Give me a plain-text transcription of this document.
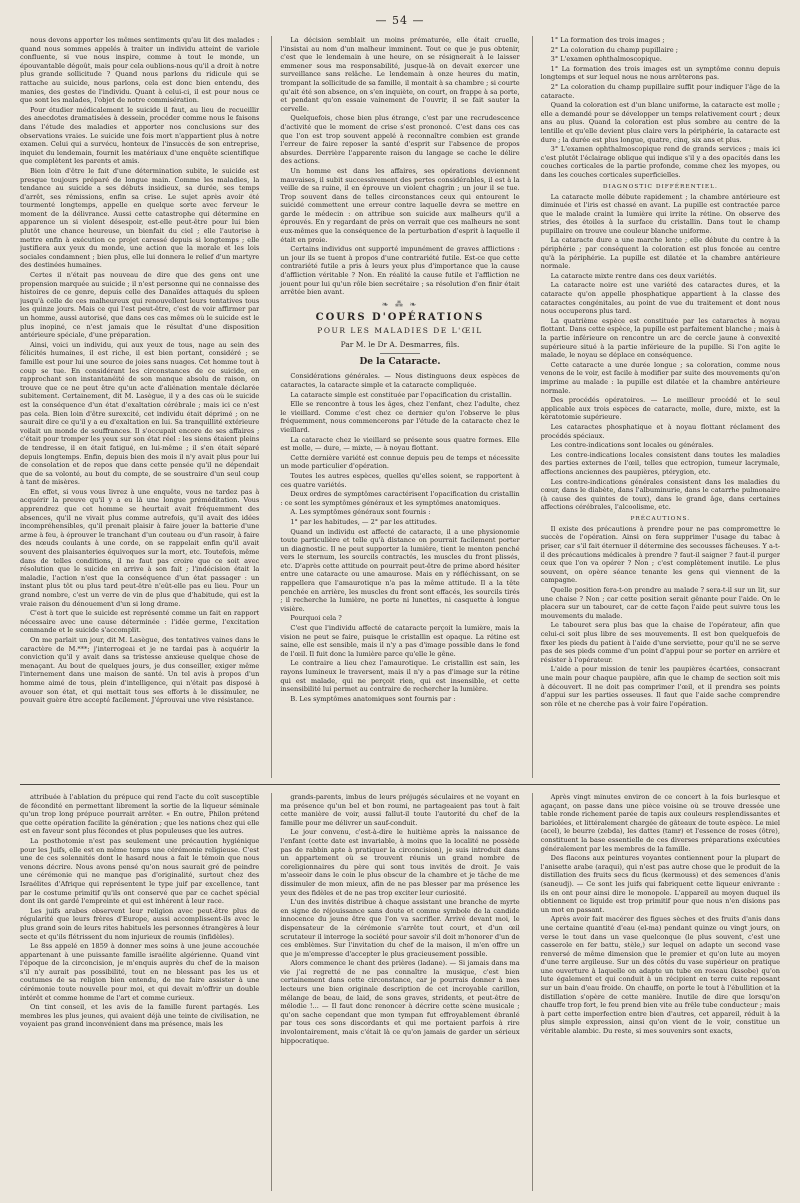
— 54 —

nous devons apporter les mêmes sentiments qu'au lit des malades : quand nous sommes appelés à traiter un individu atteint de variole confluente, si vue nous inspire, comme à tout le monde, un épouvantable dégoût, mais pour cela oublions-nous qu'il a droit à notre plus grande sollicitude ? Quand nous parlons du ridicule qui se rattache au suicide, nous parlons, cela est donc bien entendu, des manies, des gestes de l'individu. Quant à celui-ci, il est pour nous ce que sont les malades, l'objet de notre commisération.

Pour étudier médicalement le suicide il faut, au lieu de recueillir des anecdotes dramatisées à dessein, procéder comme nous le faisons dans l'étude des maladies et apporter nos conclusions sur des observations vraies. Le suicide une fois mort n'appartient plus à notre examen. Celui qui a survécu, honteux de l'insuccès de son entreprise, inquiet du lendemain, fournit les matériaux d'une enquête scientifique que complètent les parents et amis.

Bien loin d'être le fait d'une détermination subite, le suicide est presque toujours préparé de longue main. Comme les maladies, la tendance au suicide a ses débuts insidieux, sa durée, ses temps d'arrêt, ses rémissions, enfin sa crise. Le sujet après avoir été tourmenté longtemps, appelle en quelque sorte avec ferveur le moment de la délivrance. Aussi cette catastrophe qui détermine en apparence un si violent désespoir, est-elle peut-être pour lui bien plutôt une chance heureuse, un bienfait du ciel ; elle l'autorise à mettre enfin à exécution ce projet caressé depuis si longtemps ; elle justifiera aux yeux du monde, une action que la morale et les lois sociales condamnent ; bien plus, elle lui donnera le relief d'un martyre des destinées humaines.

Certes il n'était pas nouveau de dire que des gens ont une propension marquée au suicide ; il n'est personne qui ne connaisse des histoires de ce genre, depuis celle des Danaïdes attaqués du spleen jusqu'à celle de ces malheureux qui renouvellent leurs tentatives tous les quinze jours. Mais ce qui l'est peut-être, c'est de voir affirmer par un homme, aussi autorisé, que dans ces cas mêmes où le suicide est le plus inopiné, ce n'est jamais que le résultat d'une disposition antérieure spéciale, d'une préparation.

Ainsi, voici un individu, qui aux yeux de tous, nage au sein des félicités humaines, il est riche, il est bien portant, considéré ; se famille est pour lui une source de joies sans nuages. Cet homme tout à coup se tue. En considérant les circonstances de ce suicide, en rapprochant son instantanéité de son manque absolu de raison, on trouve que ce ne peut être qu'un acte d'aliénation mentale déclarée subitement. Certainement, dit M. Lasègue, il y a des cas où le suicide est la conséquence d'un état d'exaltation cérébrale ; mais ici ce n'est pas cela. Bien loin d'être surexcité, cet individu était déprimé ; on ne saurait dire ce qu'il y a eu d'exaltation en lui. Sa tranquillité extérieure voilait un monde de souffrances. Il s'occupait encore de ses affaires ; c'était pour tromper les yeux sur son état réel : les siens étaient pleins de tendresse, il en était fatigué, en lui-même ; il s'en était séparé depuis longtemps. Enfin, depuis bien des mois il n'y avait plus pour lui de consolation et de repos que dans cette pensée qu'il ne dépendait que de sa volonté, au bout du compte, de se soustraire d'un seul coup à tant de misères.

En effet, si vous vous livrez à une enquête, vous ne tardez pas à acquérir la preuve qu'il y a eu là une longue préméditation. Vous apprendrez que cet homme se heurtait avait fréquemment des absences, qu'il ne vivait plus comme autrefois, qu'il avait des idées incompréhensibles, qu'il prenait plaisir à faire jouer la batterie d'une arme à feu, à éprouver le tranchant d'un couteau ou d'un rasoir, à faire des nœuds coulants à une corde, on se rappelait enfin qu'il avait souvent des plaisanteries équivoques sur la mort, etc. Toutefois, même dans de telles conditions, il ne faut pas croire que ce soit avec résolution que le suicide en arrive à son fait ; l'indécision était la maladie, l'action n'est que la conséquence d'un état passager : un instant plus tôt ou plus tard peut-être n'eût-elle pas eu lieu. Pour un grand nombre, c'est un verre de vin de plus que d'habitude, qui est la vraie raison du dénouement d'un si long drame.

C'est à tort que le suicide est représenté comme un fait en rapport nécessaire avec une cause déterminée : l'idée germe, l'excitation commande et le suicide s'accomplit.

On me parlait un jour, dit M. Lasègue, des tentatives vaines dans le caractère de M.***; j'interrogeai et je ne tardai pas à acquérir la conviction qu'il y avait dans sa tristesse anxieuse quelque chose de menaçant. Au bout de quelques jours, je dus conseiller, exiger même l'internement dans une maison de santé. Un tel avis à propos d'un homme aimé de tous, plein d'intelligence, qui n'était pas disposé à avouer son état, et qui mettait tous ses efforts à le dissimuler, ne pouvait guère être accepté facilement. J'éprouvai une vive résistance.

La décision semblait un moins prématurée, elle était cruelle, l'insistai au nom d'un malheur imminent. Tout ce que je pus obtenir, c'est que le lendemain à une heure, on se résignerait à le laisser emmener sous ma responsabilité, jusque-là on devait exercer une surveillance sans relâche. Le lendemain à onze heures du matin, trompant la sollicitude de sa famille, il montait à sa chambre ; si courte qu'ait été son absence, on s'en inquiète, on court, on frappe à sa porte, et pendant qu'on essaie vainement de l'ouvrir, il se fait sauter la cervelle.

Quelquefois, chose bien plus étrange, c'est par une recrudescence d'activité que le moment de crise s'est prononcé. C'est dans ces cas que l'on est trop souvent appelé à reconnaître combien est grande l'erreur de faire reposer la santé d'esprit sur l'absence de propos absurdes. Derrière l'apparente raison du langage se cache le délire des actions.

Un homme est dans les affaires, ses opérations deviennent mauvaises, il subit successivement des pertes considérables, il est à la veille de sa ruine, il en éprouve un violent chagrin ; un jour il se tue. Trop souvent dans de telles circonstances ceux qui entourent le suicidé commettent une erreur contre laquelle devra se mettre en garde le médecin : on attribue son suicide aux malheurs qu'il a éprouvés. En y regardant de près on verrait que ces malheurs ne sont eux-mêmes que la conséquence de la perturbation d'esprit à laquelle il était en proie.

Certains individus ont supporté impunément de graves afflictions : un jour ils se tuent à propos d'une contrariété futile. Est-ce que cette contrariété futile a pris à leurs yeux plus d'importance que la cause d'affliction véritable ? Non. En réalité la cause futile et l'affliction ne jouent pour lui qu'un rôle bien secrétaire ; sa résolution d'en finir était arrêtée bien avant.

❧ ⁂ ❧
COURS D'OPÉRATIONS
POUR LES MALADIES DE L'ŒIL
Par M. le Dr A. Desmarres, fils.
De la Cataracte.

Considérations générales. — Nous distinguons deux espèces de cataractes, la cataracte simple et la cataracte compliquée.

La cataracte simple est constituée par l'opacification du cristallin.

Elle se rencontre à tous les âges, chez l'enfant, chez l'adulte, chez le vieillard. Comme c'est chez ce dernier qu'on l'observe le plus fréquemment, nous commencerons par l'étude de la cataracte chez le vieillard.

La cataracte chez le vieillard se présente sous quatre formes. Elle est molle, — dure, — mixte, — à noyau flottant.

Cette dernière variété est connue depuis peu de temps et nécessite un mode particulier d'opération.

Toutes les autres espèces, quelles qu'elles soient, se rapportent à ces quatre variétés.

Deux ordres de symptômes caractérisent l'opacification du cristallin : ce sont les symptômes généraux et les symptômes anatomiques.

A. Les symptômes généraux sont fournis :

1° par les habitudes, — 2° par les attitudes.

Quand un individu est affecté de cataracte, il a une physionomie toute particulière et telle qu'à distance on pourrait facilement porter un diagnostic. Il ne peut supporter la lumière, tient le menton penché vers le sternum, les sourcils contractés, les muscles du front plissés, etc. D'après cette attitude on pourrait peut-être de prime abord hésiter entre une cataracte ou une amaurose. Mais en y réfléchissant, on se rappellera que l'amaurotique n'a pas la même attitude. Il a la tête penchée en arrière, les muscles du front sont effacés, les sourcils tirés ; il recherche la lumière, ne porte ni lunettes, ni casquette à longue visière.

Pourquoi cela ?

C'est que l'individu affecté de cataracte perçoit la lumière, mais la vision ne peut se faire, puisque le cristallin est opaque. La rétine est saine, elle est sensible, mais il n'y a pas d'image possible dans le fond de l'œil. Il fuit donc la lumière parce qu'elle le gêne.

Le contraire a lieu chez l'amaurotique. Le cristallin est sain, les rayons lumineux le traversent, mais il n'y a pas d'image sur la rétine qui est malade, qui ne perçoit rien, qui est insensible, et cette insensibilité lui permet au contraire de rechercher la lumière.

B. Les symptômes anatomiques sont fournis par :

1° La formation des trois images ;

2° La coloration du champ pupillaire ;

3° L'examen ophthalmoscopique.

1° La formation des trois images est un symptôme connu depuis longtemps et sur lequel nous ne nous arrêterons pas.

2° La coloration du champ pupillaire suffit pour indiquer l'âge de la cataracte.

Quand la coloration est d'un blanc uniforme, la cataracte est molle ; elle a demandé pour se développer un temps relativement court ; deux ans au plus. Quand la coloration est plus sombre au centre de la lentille et qu'elle devient plus claire vers la périphérie, la cataracte est dure ; la durée est plus longue, quatre, cinq, six ans et plus.

3° L'examen ophthalmoscopique rend de grands services ; mais ici c'est plutôt l'éclairage oblique qui indique s'il y a des opacités dans les couches corticales de la partie profonde, comme chez les myopes, ou dans les couches corticales superficielles.

DIAGNOSTIC DIFFÉRENTIEL.

La cataracte molle débute rapidement ; la chambre antérieure est diminuée et l'iris est chassé en avant. La pupille est contractée parce que le malade craint la lumière qui irrite la rétine. On observe des stries, des étoiles à la surface du cristallin. Dans tout le champ pupillaire on trouve une couleur blanche uniforme.

La cataracte dure a une marche lente ; elle débute du centre à la périphérie ; par conséquent la coloration est plus foncée au centre qu'à la périphérie. La pupille est dilatée et la chambre antérieure normale.

La cataracte mixte rentre dans ces deux variétés.

La cataracte noire est une variété des cataractes dures, et la cataracte qu'on appelle phosphatique appartient à la classe des cataractes congénitales, au point de vue du traitement et dont nous nous occuperons plus tard.

La quatrième espèce est constituée par les cataractes à noyau flottant. Dans cette espèce, la pupille est parfaitement blanche ; mais à la partie inférieure on rencontre un arc de cercle jaune à convexité supérieure situé à la partie inférieure de la pupille. Si l'on agite le malade, le noyau se déplace en conséquence.

Cette cataracte a une durée longue ; sa coloration, comme nous venons de le voir, est facile à modifier par suite des mouvements qu'on imprime au malade : la pupille est dilatée et la chambre antérieure normale.

Des procédés opératoires. — Le meilleur procédé et le seul applicable aux trois espèces de cataracte, molle, dure, mixte, est la kératotomie supérieure.

Les cataractes phosphatique et à noyau flottant réclament des procédés spéciaux.

Les contre-indications sont locales ou générales.

Les contre-indications locales consistent dans toutes les maladies des parties externes de l'œil, telles que ectropion, tumeur lacrymale, affections anciennes des paupières, ptérygion, etc.

Les contre-indications générales consistent dans les maladies du cœur, dans le diabète, dans l'albuminurie, dans le catarrhe pulmonaire (à cause des quintes de toux), dans le grand âge, dans certaines affections cérébrales, l'alcoolisme, etc.

PRÉCAUTIONS.

Il existe des précautions à prendre pour ne pas compromettre le succès de l'opération. Ainsi on fera supprimer l'usage du tabac à priser, car s'il fait éternuer il détermine des secousses fâcheuses. Y a-t-il des précautions médicales à prendre ? faut-il saigner ? faut-il purger ceux que l'on va opérer ? Non ; c'est complètement inutile. Le plus souvent, on opère séance tenante les gens qui viennent de la campagne.

Quelle position fera-t-on prendre au malade ? sera-t-il sur un lit, sur une chaise ? Non ; car cette position serait gênante pour l'aide. On le placera sur un tabouret, car de cette façon l'aide peut suivre tous les mouvements du malade.

Le tabouret sera plus bas que la chaise de l'opérateur, afin que celui-ci soit plus libre de ses mouvements. Il est bon quelquefois de fixer les pieds du patient à l'aide d'une serviette, pour qu'il ne se serve pas de ses pieds comme d'un point d'appui pour se porter en arrière et résister à l'opérateur.

L'aide a pour mission de tenir les paupières écartées, consacrant une main pour chaque paupière, afin que le champ de section soit mis à découvert. Il ne doit pas comprimer l'œil, et il prendra ses points d'appui sur les parties osseuses. Il faut que l'aide sache comprendre son rôle et ne cherche pas à voir faire l'opération.

attribuée à l'ablation du prépuce qui rend l'acte du coït susceptible de fécondité en permettant librement la sortie de la liqueur séminale qu'un trop long prépuce pourrait arrêter. « En outre, Philon prétend que cette opération facilite la génération ; que les nations chez qui elle est en faveur sont plus fécondes et plus populeuses que les autres.

La posthotomie n'est pas seulement une précaution hygiénique pour les Juifs, elle est en même temps une cérémonie religieuse. C'est une de ces solennités dont le hasard nous a fait le témoin que nous venons décrire. Nous avons pensé qu'on nous saurait gré de peindre une cérémonie qui ne manque pas d'originalité, surtout chez des Israélites d'Afrique qui représentent le type juif par excellence, tant par le costume primitif qu'ils ont conservé que par ce cachet spécial dont ils ont gardé l'empreinte et qui est inhérent à leur race.

Les juifs arabes observent leur religion avec peut-être plus de régularité que leurs frères d'Europe, aussi accomplissent-ils avec le plus grand soin de leurs rites habituels les personnes étrangères à leur secte et qu'ils flétrissent du nom injurieux de roumis (infidèles).

Le 8ss appelé en 1859 à donner mes soins à une jeune accouchée appartenant à une puissante famille israélite algérienne. Quand vint l'époque de la circoncision, je m'enquis auprès du chef de la maison s'il n'y aurait pas possibilité, tout en ne blessant pas les us et coutumes de sa religion bien entendu, de me faire assister à une cérémonie toute nouvelle pour moi, et qui devait m'offrir un double intérêt et comme homme de l'art et comme curieux.

On tint conseil, et les avis de la famille furent partagés. Les membres les plus jeunes, qui avaient déjà une teinte de civilisation, ne voyaient pas grand inconvénient dans ma présence, mais les

grands-parents, imbus de leurs préjugés séculaires et ne voyant en ma présence qu'un bel et bon roumi, ne partageaient pas tout à fait cette manière de voir, aussi fallut-il toute l'autorité du chef de la famille pour me délivrer un sauf-conduit.

Le jour convenu, c'est-à-dire le huitième après la naissance de l'enfant (cette date est invariable, à moins que la localité ne possède pas de rabbin apte à pratiquer la circoncision), je suis introduit dans un appartement où se trouvent réunis un grand nombre de coreligionnaires du père qui sont tous invités de droit. Je vais m'asseoir dans le coin le plus obscur de la chambre et je tâche de me dissimuler de mon mieux, afin de ne pas blesser par ma présence les yeux des fidèles et de ne pas trop exciter leur curiosité.

L'un des invités distribue à chaque assistant une branche de myrte en signe de réjouissance sans doute et comme symbole de la candide innocence du jeune être que l'on va sacrifier. Arrivé devant moi, le dispensateur de la cérémonie s'arrête tout court, et d'un œil scrutateur il interroge la société pour savoir s'il doit m'honorer d'un de ces emblèmes. Sur l'invitation du chef de la maison, il m'en offre un que je m'empresse d'accepter le plus gracieusement possible.

Alors commence le chant des prières (ladane). — Si jamais dans ma vie j'ai regretté de ne pas connaître la musique, c'est bien certainement dans cette circonstance, car je pourrais donner à mes lecteurs une bien originale description de cet incroyable carillon, mélange de beau, de laid, de sons graves, stridents, et peut-être de mélodie !... — Il faut donc renoncer à décrire cette scène musicale ; qu'on sache cependant que mon tympan fut effroyablement ébranlé par tous ces sons discordants et qui me portaient parfois à rire involontairement, mais c'était là ce qu'on jamais de garder un sérieux hippocratique.

Après vingt minutes environ de ce concert à la fois burlesque et agaçant, on passe dans une pièce voisine où se trouve dressée une table ronde richement parée de tapis aux couleurs resplendissantes et bariolées, et littéralement chargée de gâteaux de toute espèce. Le miel (acel), le beurre (zebda), les dattes (tamr) et l'essence de roses (ôtre), constituent la base essentielle de ces diverses préparations exécutées généralement par les membres de la famille.

Des flacons aux peintures voyantes contiennent pour la plupart de l'anisette arabe (araqui), qui n'est pas autre chose que le produit de la distillation des fruits secs du ficus (kermouss) et des semences d'anis (saneudj). — Ce sont les juifs qui fabriquent cette liqueur enivrante : ils en ont pour ainsi dire le monopole. L'appareil au moyen duquel ils obtiennent ce liquide est trop primitif pour que nous n'en disions pas un mot en passant.

Après avoir fait macérer des figues sèches et des fruits d'anis dans une certaine quantité d'eau (el-ma) pendant quinze ou vingt jours, on verse le tout dans un vase quelconque (le plus souvent, c'est une casserole en fer battu, stèle,) sur lequel on adapte un second vase renversé de même dimension que le premier et qu'on lute au moyen d'une terre argileuse. Sur un des côtés du vase supérieur on pratique une ouverture à laquelle on adapte un tube en roseau (kssobe) qu'on lute également et qui conduit à un récipient en terre cuite reposant sur un bain d'eau froide. On chauffe, on porte le tout à l'ébullition et la distillation s'opère de cette manière. Inutile de dire que lorsqu'on chauffe trop fort, le feu prend bien vite au frêle tube conducteur ; mais à part cette imperfection entre bien d'autres, cet appareil, réduit à la plus simple expression, ainsi qu'on vient de le voir, constitue un véritable alambic. Du reste, si mes souvenirs sont exacts,
